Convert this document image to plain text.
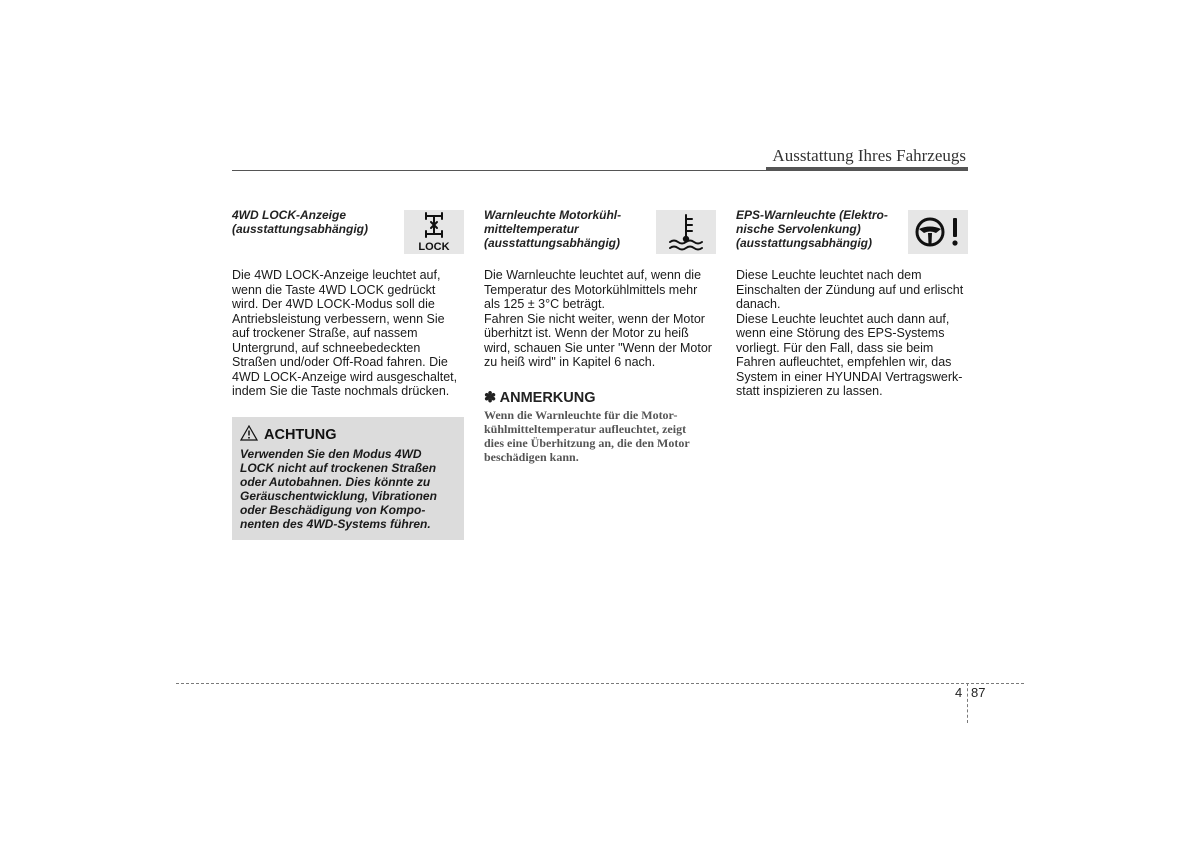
Ausstattung Ihres Fahrzeugs
4WD LOCK-Anzeige
(ausstattungsabhängig)
LOCK

Die 4WD LOCK-Anzeige leuchtet auf,

wenn die Taste 4WD LOCK gedrückt

wird. Der 4WD LOCK-Modus soll die

Antriebsleistung verbessern, wenn Sie

auf trockener Straße, auf nassem

Untergrund, auf schneebedeckten

Straßen und/oder Off-Road fahren. Die

4WD LOCK-Anzeige wird ausgeschaltet,

indem Sie die Taste nochmals drücken.

ACHTUNG
Verwenden Sie den Modus 4WD
LOCK nicht auf trockenen Straßen
oder Autobahnen. Dies könnte zu
Geräuschentwicklung, Vibrationen
oder Beschädigung von Kompo-
nenten des 4WD-Systems führen.
Warnleuchte Motorkühl-
mitteltemperatur
(ausstattungsabhängig)

Die Warnleuchte leuchtet auf, wenn die

Temperatur des Motorkühlmittels mehr

als 125 ± 3°C beträgt.

Fahren Sie nicht weiter, wenn der Motor

überhitzt ist. Wenn der Motor zu heiß

wird, schauen Sie unter "Wenn der Motor

zu heiß wird" in Kapitel 6 nach.

✽ ANMERKUNG
Wenn die Warnleuchte für die Motor-
kühlmitteltemperatur aufleuchtet, zeigt
dies eine Überhitzung an, die den Motor
beschädigen kann.
EPS-Warnleuchte (Elektro-
nische Servolenkung)
(ausstattungsabhängig)

Diese Leuchte leuchtet nach dem

Einschalten der Zündung auf und erlischt

danach.

Diese Leuchte leuchtet auch dann auf,

wenn eine Störung des EPS-Systems

vorliegt. Für den Fall, dass sie beim

Fahren aufleuchtet, empfehlen wir, das

System in einer HYUNDAI Vertragswerk-

statt inspizieren zu lassen.

4 87
